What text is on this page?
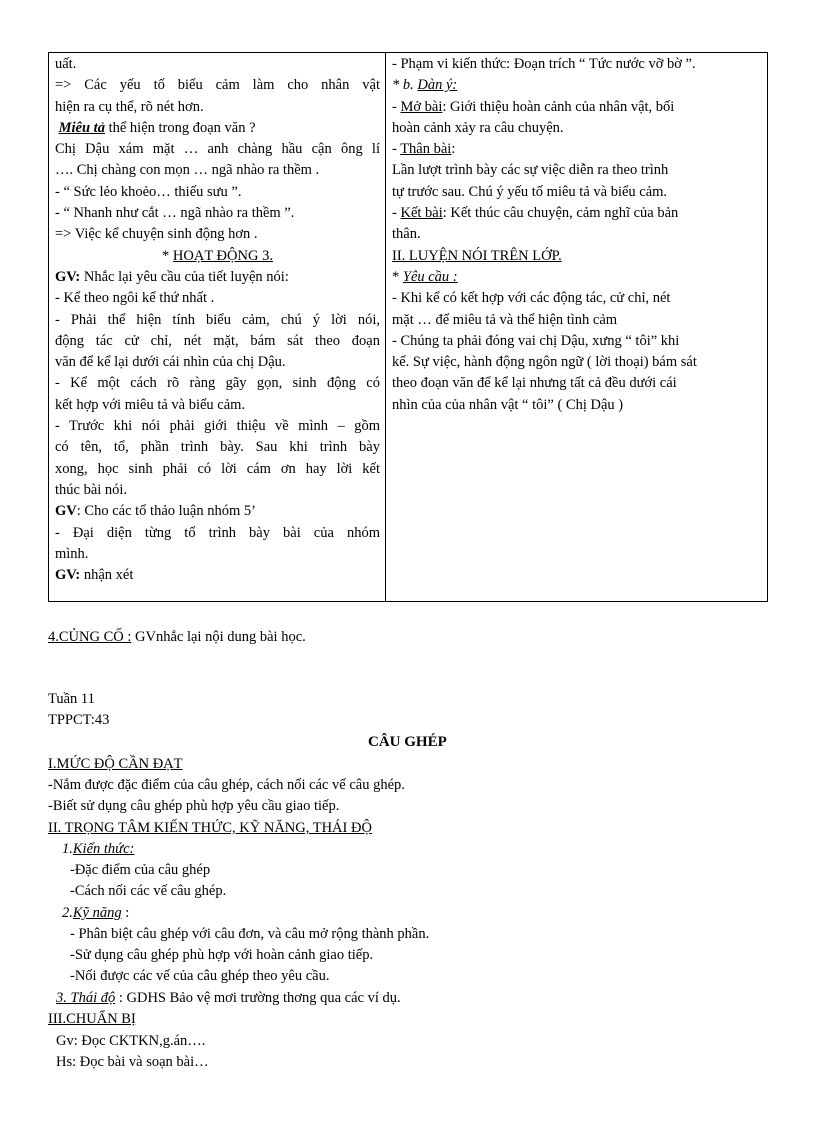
uất.
=> Các yếu tố biểu cảm làm cho nhân vật
hiện ra cụ thể, rõ nét hơn.
Miêu tả thể hiện trong đoạn văn ?
Chị Dậu xám mặt … anh chàng hầu cận ông lí
…. Chị chàng con mọn … ngã nhào ra thềm .
- “ Sức lẻo khoẻo… thiếu sưu ”.
- “ Nhanh như cắt … ngã nhào ra thềm ”.
=> Việc kể chuyện sinh động hơn .
* HOẠT ĐỘNG 3.
GV: Nhắc lại yêu cầu của tiết luyện nói:
- Kể theo ngôi kể thứ nhất .
- Phải thể hiện tính biểu cảm, chú ý lời nói,
động tác cử chỉ, nét mặt, bám sát theo đoạn
văn để kể lại dưới cái nhìn của chị Dậu.
- Kể một cách rõ ràng gãy gọn, sinh động có
kết hợp với miêu tả và biểu cảm.
- Trước khi nói phải giới thiệu về mình – gồm
có tên, tổ, phần trình bày. Sau khi trình bày
xong, học sinh phải có lời cám ơn hay lời kết
thúc bài nói.
GV: Cho các tổ thảo luận nhóm 5’
- Đại diện từng tổ trình bày bài của nhóm
mình.
GV: nhận xét
- Phạm vi kiến thức: Đoạn trích “ Tức nước vỡ bờ ”.
* b. Dàn ý:
- Mở bài: Giới thiệu hoàn cảnh của nhân vật, bối
hoàn cảnh xảy ra câu chuyện.
- Thân bài:
Lần lượt trình bày các sự việc diễn ra theo trình
tự trước sau. Chú ý yếu tố miêu tả và biểu cảm.
- Kết bài: Kết thúc câu chuyện, cảm nghĩ của bản
thân.
II. LUYỆN NÓI TRÊN LỚP.
* Yêu cầu :
- Khi kể có kết hợp với các động tác, cử chỉ, nét
mặt … để miêu tả và thể hiện tình cảm
- Chúng ta phải đóng vai chị Dậu, xưng “ tôi” khi
kể. Sự việc, hành động ngôn ngữ ( lời thoại) bám sát
theo đoạn văn để kể lại nhưng tất cả đều dưới cái
nhìn của của nhân vật “ tôi” ( Chị Dậu )
4.CỦNG CỐ : GVnhắc lại nội dung bài học.
Tuần 11
TPPCT:43
CÂU GHÉP
I.MỨC ĐỘ CẦN ĐẠT
-Nắm được đặc điểm của câu ghép, cách nối các vế câu ghép.
-Biết sử dụng câu ghép phù hợp yêu cầu giao tiếp.
II. TRỌNG TÂM KIẾN THỨC, KỸ NĂNG, THÁI ĐỘ
1.Kiến thức:
-Đặc điểm của câu ghép
-Cách nối các vế câu ghép.
2.Kỹ năng :
- Phân biệt câu ghép với câu đơn, và câu mở rộng thành phần.
-Sử dụng câu ghép phù hợp với hoàn cảnh giao tiếp.
-Nối được các vế của câu ghép theo yêu cầu.
3. Thái độ : GDHS Bảo vệ mơi trường thơng qua các ví dụ.
III.CHUẨN BỊ
Gv: Đọc CKTKN,g.án….
Hs: Đọc bài và soạn bài…
